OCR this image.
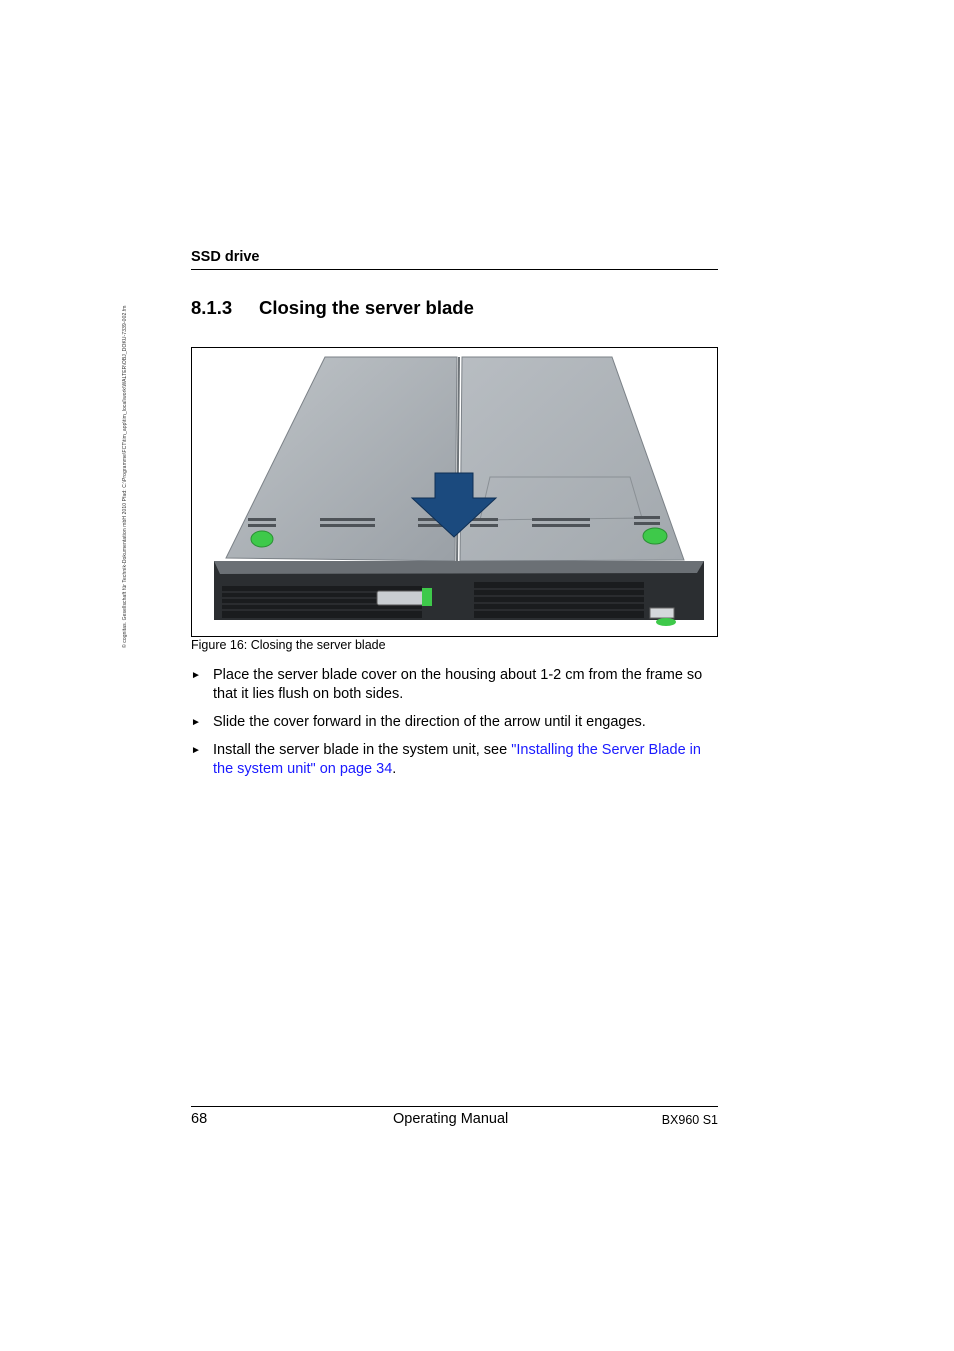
© cognitas. Gesellschaft für Technik-Dokumentation mbH 2010 Pfad: C:\Programme\FCT\tim_app\tim_local\work\WALTER\OBJ_DOKU-7339-002.fm
SSD drive
8.1.3 Closing the server blade
Figure 16: Closing the server blade
► Place the server blade cover on the housing about 1-2 cm from the frame so that it lies flush on both sides.
► Slide the cover forward in the direction of the arrow until it engages.
► Install the server blade in the system unit, see "Installing the Server Blade in the system unit" on page 34.
68	Operating Manual	BX960 S1
